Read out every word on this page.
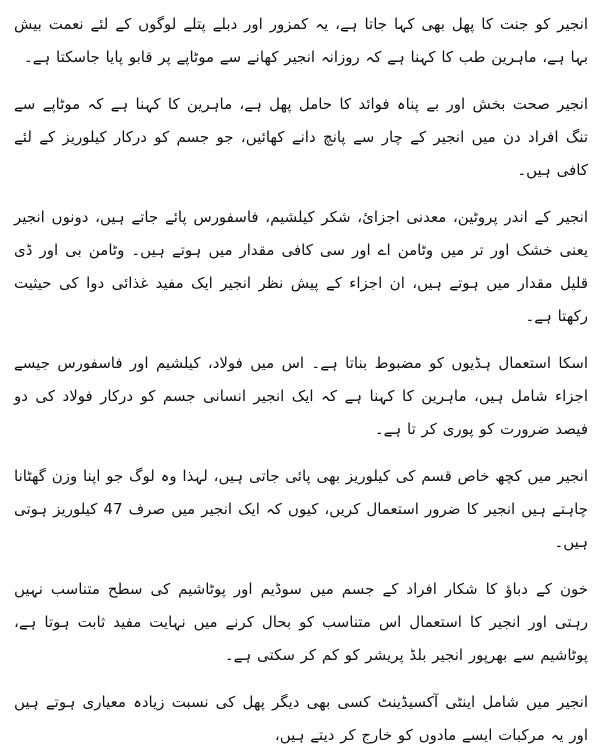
انجیر کو جنت کا پھل بھی کہا جاتا ہے، یہ کمزور اور دبلے پتلے لوگوں کے لئے نعمت بیش بہا ہے، ماہرین طب کا کہنا ہے کہ روزانہ انجیر کھانے سے موٹاپے پر قابو پایا جاسکتا ہے۔

انجیر صحت بخش اور بے پناہ فوائد کا حامل پھل ہے، ماہرین کا کہنا ہے کہ موٹاپے سے تنگ افراد دن میں انجیر کے چار سے پانچ دانے کھائیں، جو جسم کو درکار کیلوریز کے لئے کافی ہیں۔

انجیر کے اندر پروٹین، معدنی اجزائ، شکر کیلشیم، فاسفورس پائے جاتے ہیں، دونوں انجیر یعنی خشک اور تر میں وٹامن اے اور سی کافی مقدار میں ہوتے ہیں۔ وٹامن بی اور ڈی قلیل مقدار میں ہوتے ہیں، ان اجزاء کے پیش نظر انجیر ایک مفید غذائی دوا کی حیثیت رکھتا ہے۔

اسکا استعمال ہڈیوں کو مضبوط بناتا ہے۔ اس میں فولاد، کیلشیم اور فاسفورس جیسے اجزاء شامل ہیں، ماہرین کا کہنا ہے کہ ایک انجیر انسانی جسم کو درکار فولاد کی دو فیصد ضرورت کو پوری کر تا ہے۔

انجیر میں کچھ خاص قسم کی کیلوریز بھی پائی جاتی ہیں، لہذا وہ لوگ جو اپنا وزن گھٹانا چاہتے ہیں انجیر کا ضرور استعمال کریں، کیوں کہ ایک انجیر میں صرف 47 کیلوریز ہوتی ہیں۔

خون کے دباؤ کا شکار افراد کے جسم میں سوڈیم اور پوٹاشیم کی سطح متناسب نہیں رہتی اور انجیر کا استعمال اس متناسب کو بحال کرنے میں نہایت مفید ثابت ہوتا ہے، پوٹاشیم سے بھرپور انجیر بلڈ پریشر کو کم کر سکتی ہے۔

انجیر میں شامل اینٹی آکسیڈینٹ کسی بھی دیگر پھل کی نسبت زیادہ معیاری ہوتے ہیں اور یہ مرکبات ایسے مادوں کو خارج کر دیتے ہیں،
